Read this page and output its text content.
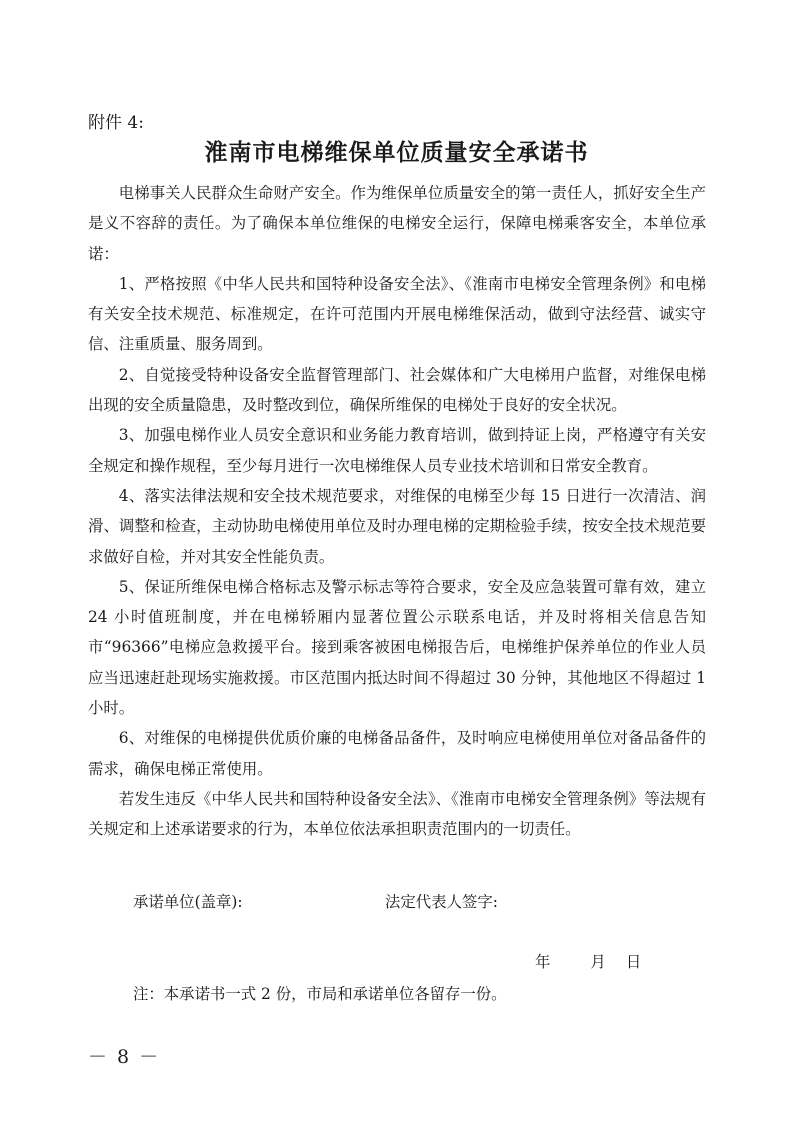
附件 4:
淮南市电梯维保单位质量安全承诺书

电梯事关人民群众生命财产安全。作为维保单位质量安全的第一责任人，抓好安全生产是义不容辞的责任。为了确保本单位维保的电梯安全运行，保障电梯乘客安全，本单位承诺：

1、严格按照《中华人民共和国特种设备安全法》、《淮南市电梯安全管理条例》和电梯有关安全技术规范、标准规定，在许可范围内开展电梯维保活动，做到守法经营、诚实守信、注重质量、服务周到。

2、自觉接受特种设备安全监督管理部门、社会媒体和广大电梯用户监督，对维保电梯出现的安全质量隐患，及时整改到位，确保所维保的电梯处于良好的安全状况。

3、加强电梯作业人员安全意识和业务能力教育培训，做到持证上岗，严格遵守有关安全规定和操作规程，至少每月进行一次电梯维保人员专业技术培训和日常安全教育。

4、落实法律法规和安全技术规范要求，对维保的电梯至少每 15 日进行一次清洁、润滑、调整和检查，主动协助电梯使用单位及时办理电梯的定期检验手续，按安全技术规范要求做好自检，并对其安全性能负责。

5、保证所维保电梯合格标志及警示标志等符合要求，安全及应急装置可靠有效，建立 24 小时值班制度，并在电梯轿厢内显著位置公示联系电话，并及时将相关信息告知市“96366”电梯应急救援平台。接到乘客被困电梯报告后，电梯维护保养单位的作业人员应当迅速赶赴现场实施救援。市区范围内抵达时间不得超过 30 分钟，其他地区不得超过 1 小时。

6、对维保的电梯提供优质价廉的电梯备品备件，及时响应电梯使用单位对备品备件的需求，确保电梯正常使用。

若发生违反《中华人民共和国特种设备安全法》、《淮南市电梯安全管理条例》等法规有关规定和上述承诺要求的行为，本单位依法承担职责范围内的一切责任。

承诺单位(盖章):	法定代表人签字:
年	月 日
注：本承诺书一式 2 份，市局和承诺单位各留存一份。
－ 8 －
